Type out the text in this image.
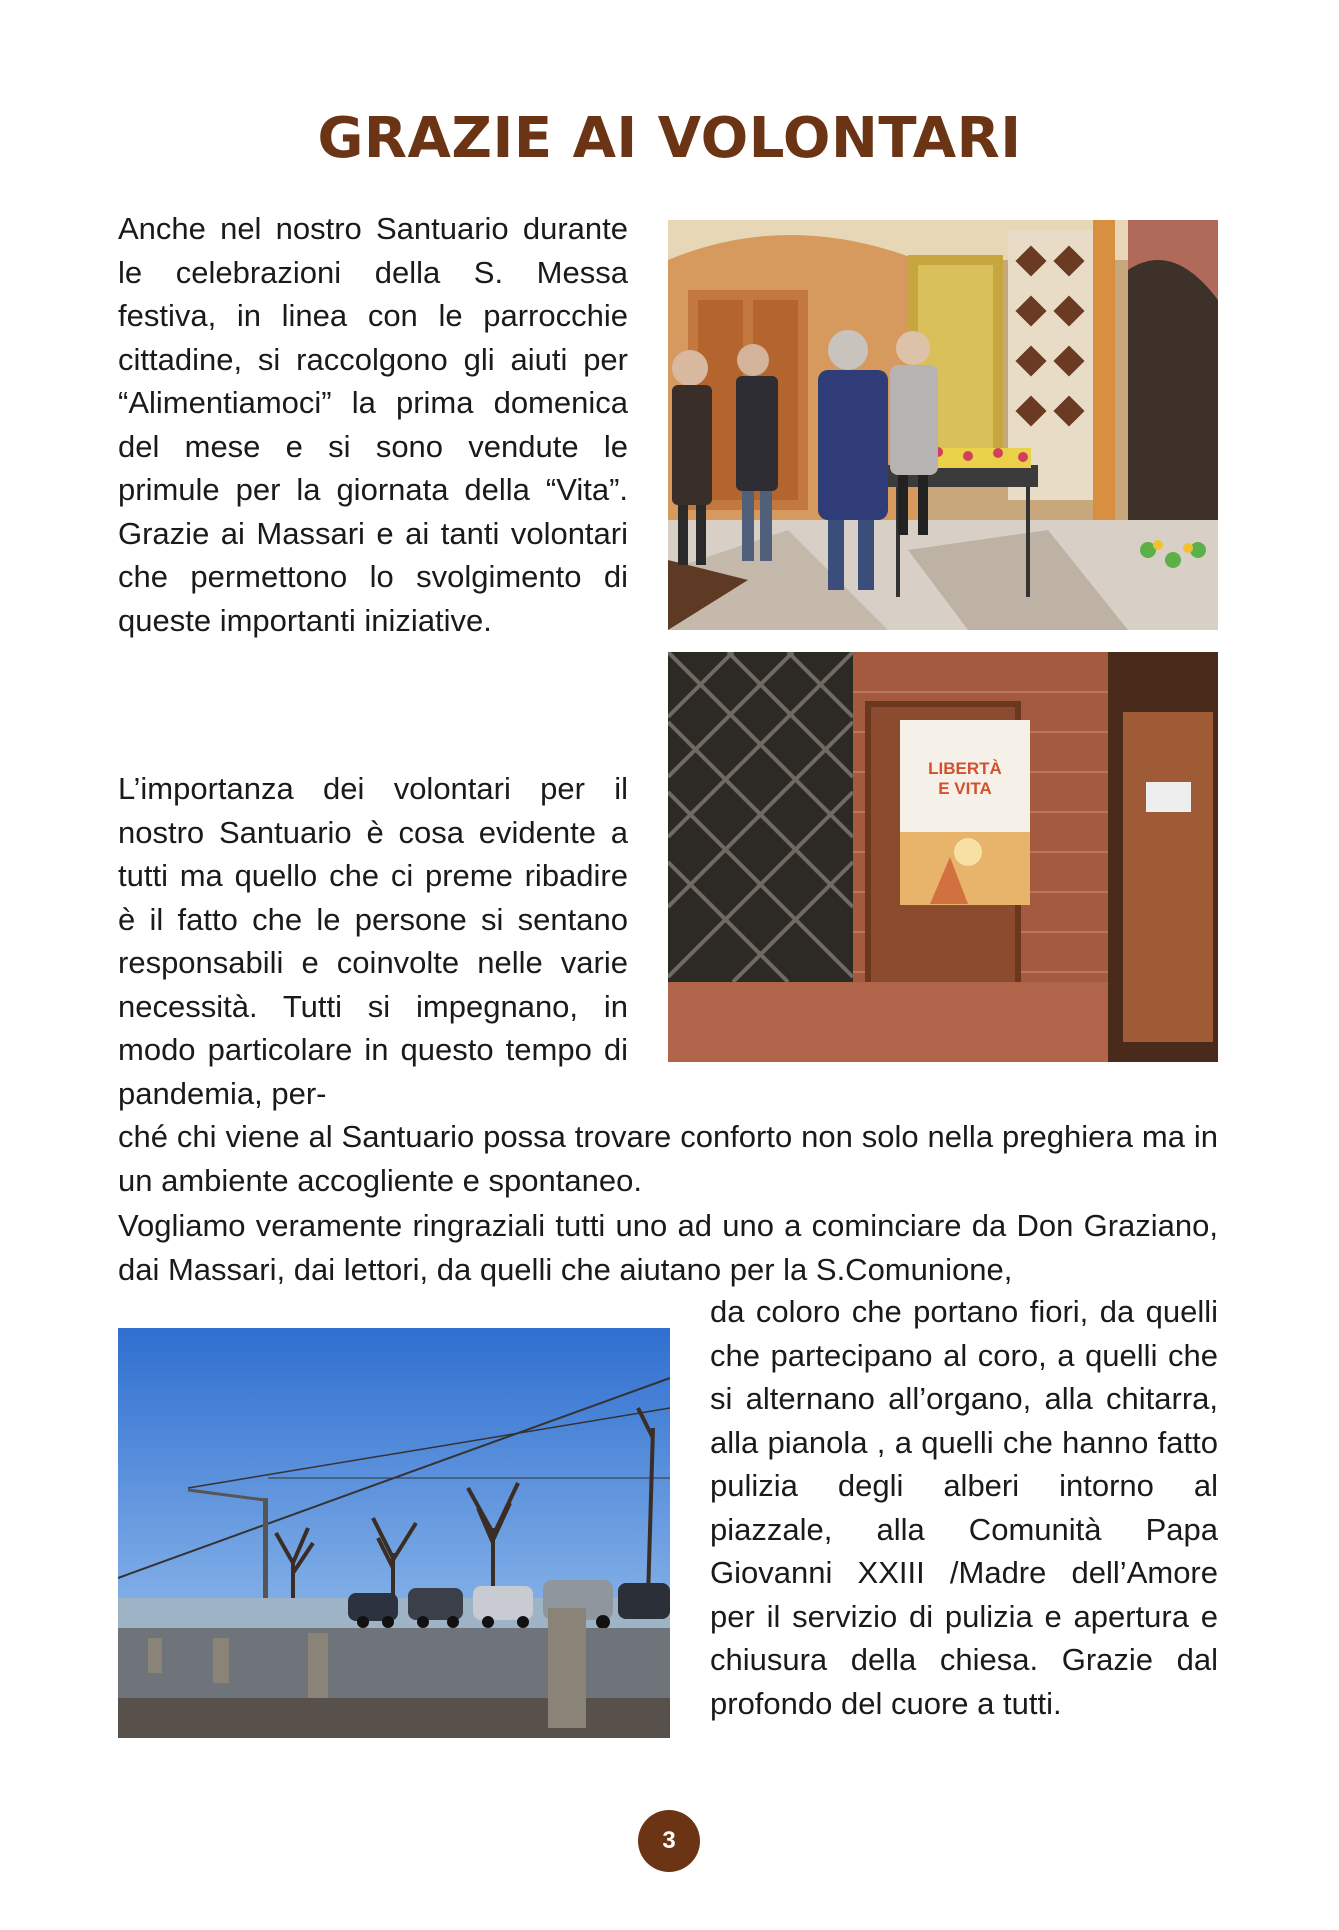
GRAZIE AI VOLONTARI

Anche nel nostro Santuario durante le celebrazioni della S. Messa festiva, in linea con le parrocchie cittadine, si raccolgono gli aiuti per “Alimentiamoci” la prima domenica del mese e si sono vendute le primule per la giornata della “Vita”. Grazie ai Massari e ai tanti volontari che permettono lo svolgimento di queste importanti iniziative.

L’importanza dei volontari per il nostro Santuario è cosa evidente a tutti ma quello che ci preme ribadire è il fatto che le persone si sentano responsabili e coinvolte nelle varie necessità. Tutti si impegnano, in modo particolare in questo tempo di pandemia, per-

ché chi viene al Santuario possa trovare conforto non solo nella preghiera ma in un ambiente accogliente e spontaneo.

Vogliamo veramente ringraziali tutti uno ad uno a cominciare da Don Graziano, dai Massari, dai lettori, da quelli che aiutano per la S.Comunione,

da coloro che portano fiori, da quelli che partecipano al coro, a quelli che si alternano all’organo, alla chitarra, alla pianola , a quelli che hanno fatto pulizia degli alberi intorno al piazzale, alla Comunità Papa Giovanni XXIII /Madre dell’Amore per il servizio di pulizia e apertura e chiusura della chiesa. Grazie dal profondo del cuore a tutti.

LIBERTÀ
E VITA
3
